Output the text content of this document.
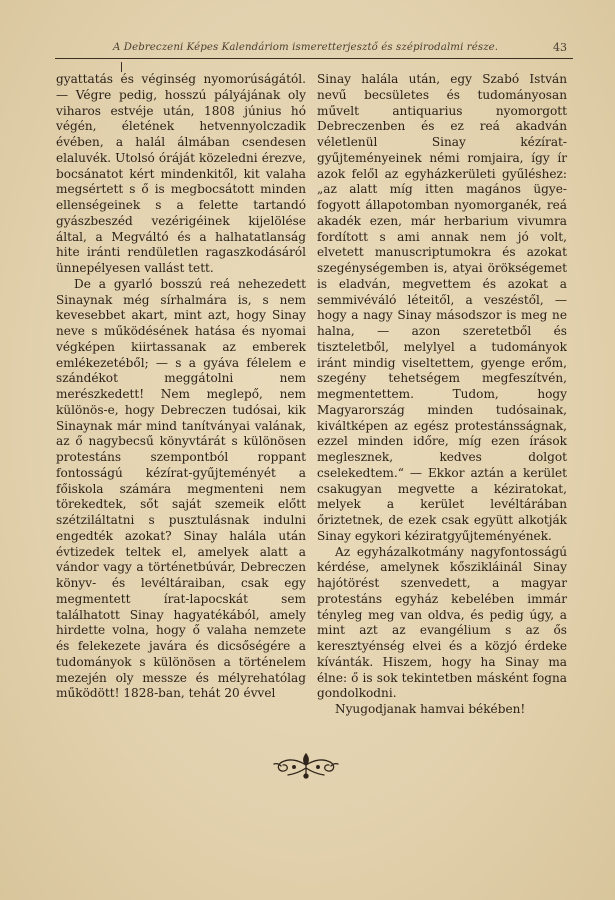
A Debreczeni Képes Kalendáriom ismeretterjesztő és szépirodalmi része.	43

gyattatás és véginség nyomorúságától. — Végre pedig, hosszú pályájának oly viharos estvéje után, 1808 június hó végén, életének hetvennyolczadik évében, a halál álmában csendesen elaluvék. Utolsó óráját közeledni érezve, bocsánatot kért mindenkitől, kit valaha megsértett s ő is megbocsátott minden ellenségeinek s a felette tartandó gyászbeszéd vezérigéinek kijelölése által, a Megváltó és a halhatatlanság hite iránti rendületlen ragaszkodásáról ünnepélyesen vallást tett.

De a gyarló bosszú reá nehezedett Sinaynak még sírhalmára is, s nem kevesebbet akart, mint azt, hogy Sinay neve s működésének hatása és nyomai végképen kiirtassanak az emberek emlékezetéből; — s a gyáva félelem e szándékot meggátolni nem merészkedett! Nem meglepő, nem különös-e, hogy Debreczen tudósai, kik Sinaynak már mind tanítványai valának, az ő nagybecsű könyvtárát s különösen protestáns szempontból roppant fontosságú kézírat-gyűjteményét a főiskola számára megmenteni nem törekedtek, sőt saját szemeik előtt szétziláltatni s pusztulásnak indulni engedték azokat? Sinay halála után évtizedek teltek el, amelyek alatt a vándor vagy a történetbúvár, Debreczen könyv- és levéltáraiban, csak egy megmentett írat-lapocskát sem találhatott Sinay hagyatékából, amely hirdette volna, hogy ő valaha nemzete és felekezete javára és dicsőségére a tudományok s különösen a történelem mezején oly messze és mélyrehatólag működött! 1828-ban, tehát 20 évvel

Sinay halála után, egy Szabó István nevű becsületes és tudományosan művelt antiquarius nyomorgott Debreczenben és ez reá akadván véletlenül Sinay kézírat-gyűjteményeinek némi romjaira, így ír azok felől az egyházkerületi gyűléshez: „az alatt míg itten magános ügye-fogyott állapotomban nyomorganék, reá akadék ezen, már herbarium vivumra fordított s ami annak nem jó volt, elvetett manuscriptumokra és azokat szegénységemben is, atyai örökségemet is eladván, megvettem és azokat a semmivéváló léteitől, a veszéstől, — hogy a nagy Sinay másodszor is meg ne halna, — azon szeretetből és tiszteletből, melylyel a tudományok iránt mindig viseltettem, gyenge erőm, szegény tehetségem megfeszítvén, megmentettem. Tudom, hogy Magyarország minden tudósainak, kiváltképen az egész protestánsságnak, ezzel minden időre, míg ezen írások meglesznek, kedves dolgot cselekedtem.“ — Ekkor aztán a kerület csakugyan megvette a kéziratokat, melyek a kerület levéltárában őriztetnek, de ezek csak együtt alkotják Sinay egykori kéziratgyűjteményének.

Az egyházalkotmány nagyfontosságú kérdése, amelynek kőszikláinál Sinay hajótörést szenvedett, a magyar protestáns egyház kebelében immár tényleg meg van oldva, és pedig úgy, a mint azt az evangélium s az ős keresztyénség elvei és a közjó érdeke kívánták. Hiszem, hogy ha Sinay ma élne: ő is sok tekintetben másként fogna gondolkodni.

Nyugodjanak hamvai békében!
